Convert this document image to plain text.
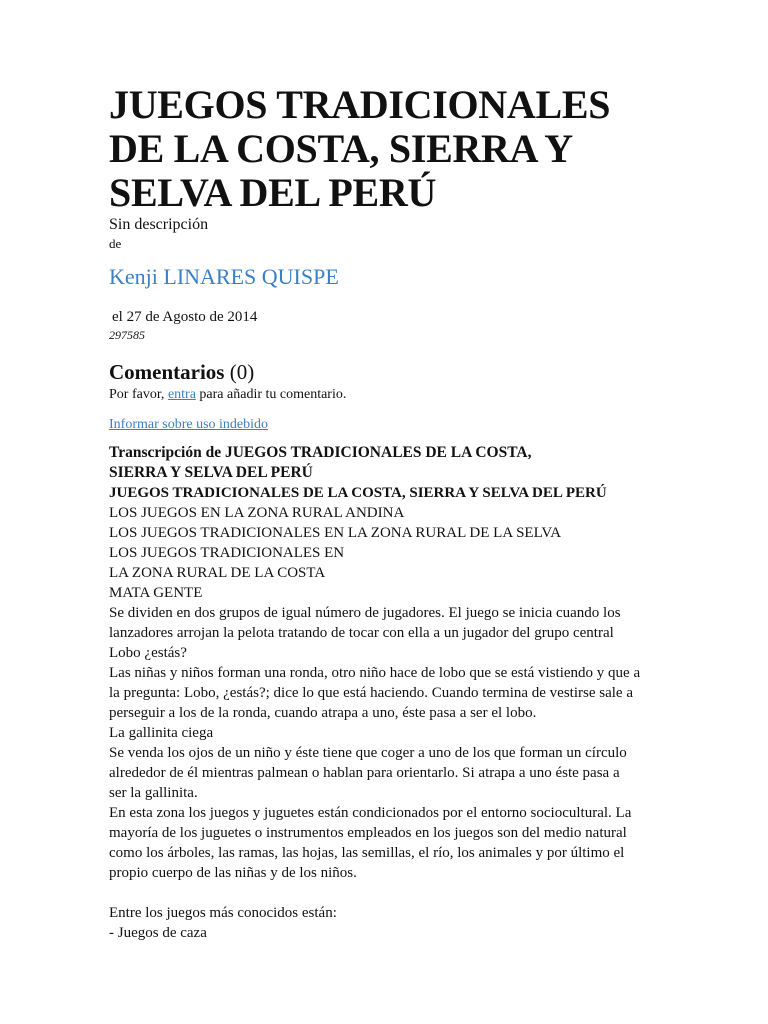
JUEGOS TRADICIONALES DE LA COSTA, SIERRA Y SELVA DEL PERÚ
Sin descripción
de
Kenji LINARES QUISPE
el 27 de Agosto de 2014
297585
Comentarios (0)
Por favor, entra para añadir tu comentario.
Informar sobre uso indebido
Transcripción de JUEGOS TRADICIONALES DE LA COSTA,
SIERRA Y SELVA DEL PERÚ
JUEGOS TRADICIONALES DE LA COSTA, SIERRA Y SELVA DEL PERÚ
LOS JUEGOS EN LA ZONA RURAL ANDINA
LOS JUEGOS TRADICIONALES EN LA ZONA RURAL DE LA SELVA
LOS JUEGOS TRADICIONALES EN
LA ZONA RURAL DE LA COSTA
MATA GENTE
Se dividen en dos grupos de igual número de jugadores. El juego se inicia cuando los
lanzadores arrojan la pelota tratando de tocar con ella a un jugador del grupo central
Lobo ¿estás?
Las niñas y niños forman una ronda, otro niño hace de lobo que se está vistiendo y que a
la pregunta: Lobo, ¿estás?; dice lo que está haciendo. Cuando termina de vestirse sale a
perseguir a los de la ronda, cuando atrapa a uno, éste pasa a ser el lobo.
La gallinita ciega
Se venda los ojos de un niño y éste tiene que coger a uno de los que forman un círculo
alrededor de él mientras palmean o hablan para orientarlo. Si atrapa a uno éste pasa a
ser la gallinita.
En esta zona los juegos y juguetes están condicionados por el entorno sociocultural. La
mayoría de los juguetes o instrumentos empleados en los juegos son del medio natural
como los árboles, las ramas, las hojas, las semillas, el río, los animales y por último el
propio cuerpo de las niñas y de los niños.
Entre los juegos más conocidos están:
- Juegos de caza
